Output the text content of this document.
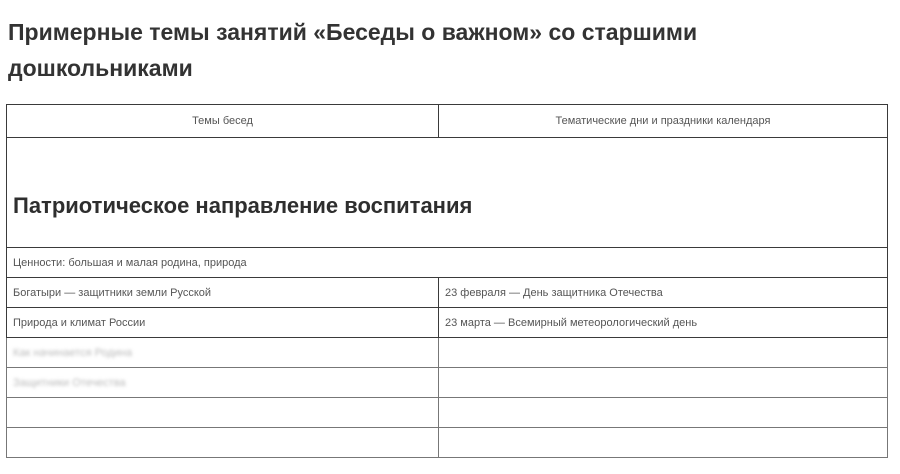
Примерные темы занятий «Беседы о важном» со старшими дошкольниками
Темы бесед	Тематические дни и праздники календаря

Патриотическое направление воспитания	

Ценности: большая и малая родина, природа	
Богатыри — защитники земли Русской	23 февраля — День защитника Отечества
Природа и климат России	23 марта — Всемирный метеорологический день
Как начинается Родина	
Защитники Отечества	
